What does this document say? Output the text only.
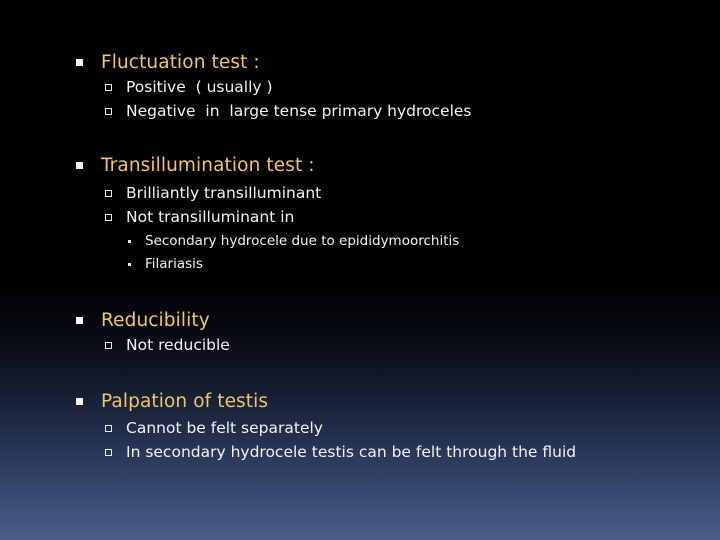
Fluctuation test :
Positive  ( usually )
Negative  in  large tense primary hydroceles
Transillumination test :
Brilliantly transilluminant
Not transilluminant in
Secondary hydrocele due to epididymoorchitis
Filariasis
Reducibility
Not reducible
Palpation of testis
Cannot be felt separately
In secondary hydrocele testis can be felt through the fluid
